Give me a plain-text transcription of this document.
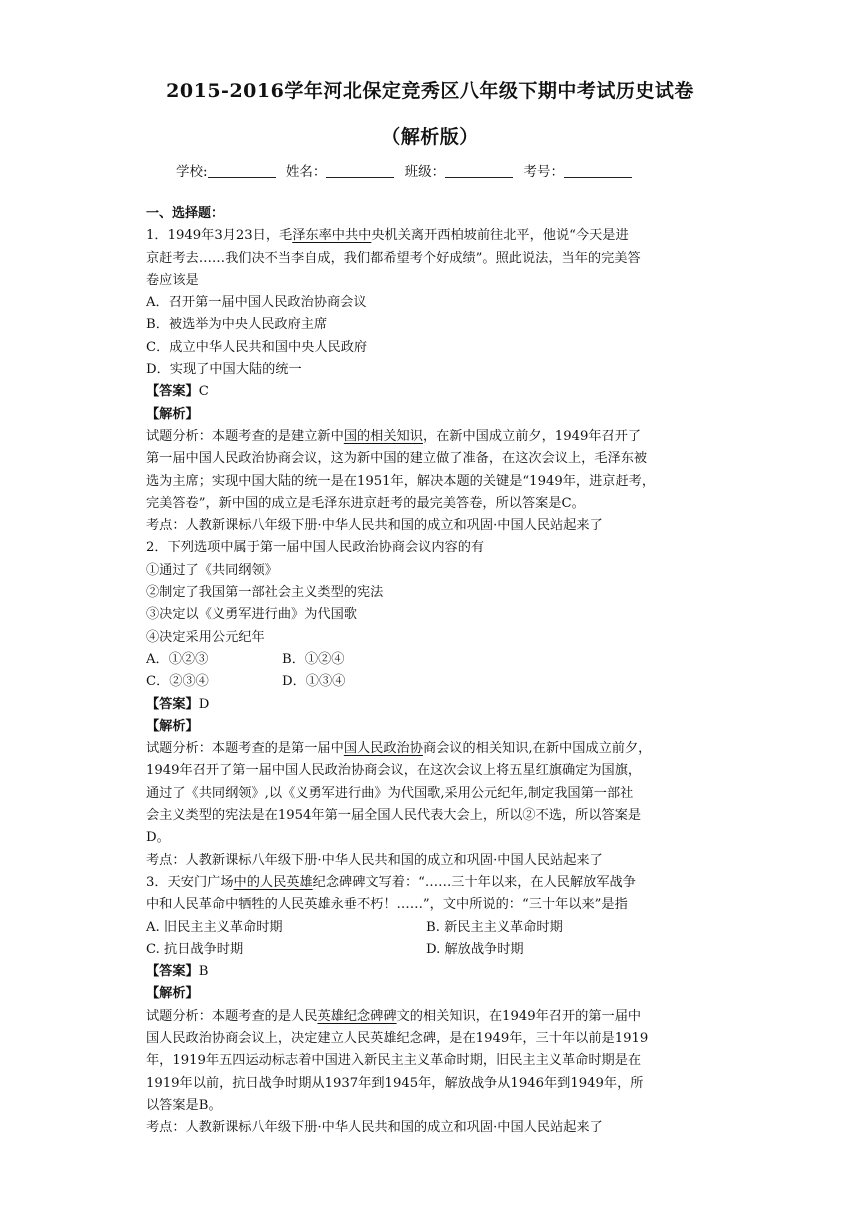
2015-2016学年河北保定竞秀区八年级下期中考试历史试卷
（解析版）
学校:	姓名：	班级：	考号：
一、选择题：
1．1949年3月23日，毛泽东率中共中央机关离开西柏坡前往北平，他说“今天是进
京赶考去……我们决不当李自成，我们都希望考个好成绩”。照此说法，当年的完美答
卷应该是
A．召开第一届中国人民政治协商会议
B．被选举为中央人民政府主席
C．成立中华人民共和国中央人民政府
D．实现了中国大陆的统一
【答案】C
【解析】
试题分析：本题考查的是建立新中国的相关知识，在新中国成立前夕，1949年召开了
第一届中国人民政治协商会议，这为新中国的建立做了准备，在这次会议上，毛泽东被
选为主席；实现中国大陆的统一是在1951年，解决本题的关键是“1949年，进京赶考，
完美答卷”，新中国的成立是毛泽东进京赶考的最完美答卷，所以答案是C。
考点：人教新课标八年级下册·中华人民共和国的成立和巩固·中国人民站起来了
2．下列选项中属于第一届中国人民政治协商会议内容的有
①通过了《共同纲领》
②制定了我国第一部社会主义类型的宪法
③决定以《义勇军进行曲》为代国歌
④决定采用公元纪年
A．①②③	B．①②④
C．②③④	D．①③④
【答案】D
【解析】
试题分析：本题考查的是第一届中国人民政治协商会议的相关知识,在新中国成立前夕，
1949年召开了第一届中国人民政治协商会议，在这次会议上将五星红旗确定为国旗，
通过了《共同纲领》,以《义勇军进行曲》为代国歌,采用公元纪年,制定我国第一部社
会主义类型的宪法是在1954年第一届全国人民代表大会上，所以②不选，所以答案是
D。
考点：人教新课标八年级下册·中华人民共和国的成立和巩固·中国人民站起来了
3．天安门广场中的人民英雄纪念碑碑文写着：“……三十年以来，在人民解放军战争
中和人民革命中牺牲的人民英雄永垂不朽！……”，文中所说的：“三十年以来”是指
A. 旧民主主义革命时期	B. 新民主主义革命时期
C. 抗日战争时期	D. 解放战争时期
【答案】B
【解析】
试题分析：本题考查的是人民英雄纪念碑碑文的相关知识，在1949年召开的第一届中
国人民政治协商会议上，决定建立人民英雄纪念碑，是在1949年，三十年以前是1919
年，1919年五四运动标志着中国进入新民主主义革命时期，旧民主主义革命时期是在
1919年以前，抗日战争时期从1937年到1945年，解放战争从1946年到1949年，所
以答案是B。
考点：人教新课标八年级下册·中华人民共和国的成立和巩固·中国人民站起来了
